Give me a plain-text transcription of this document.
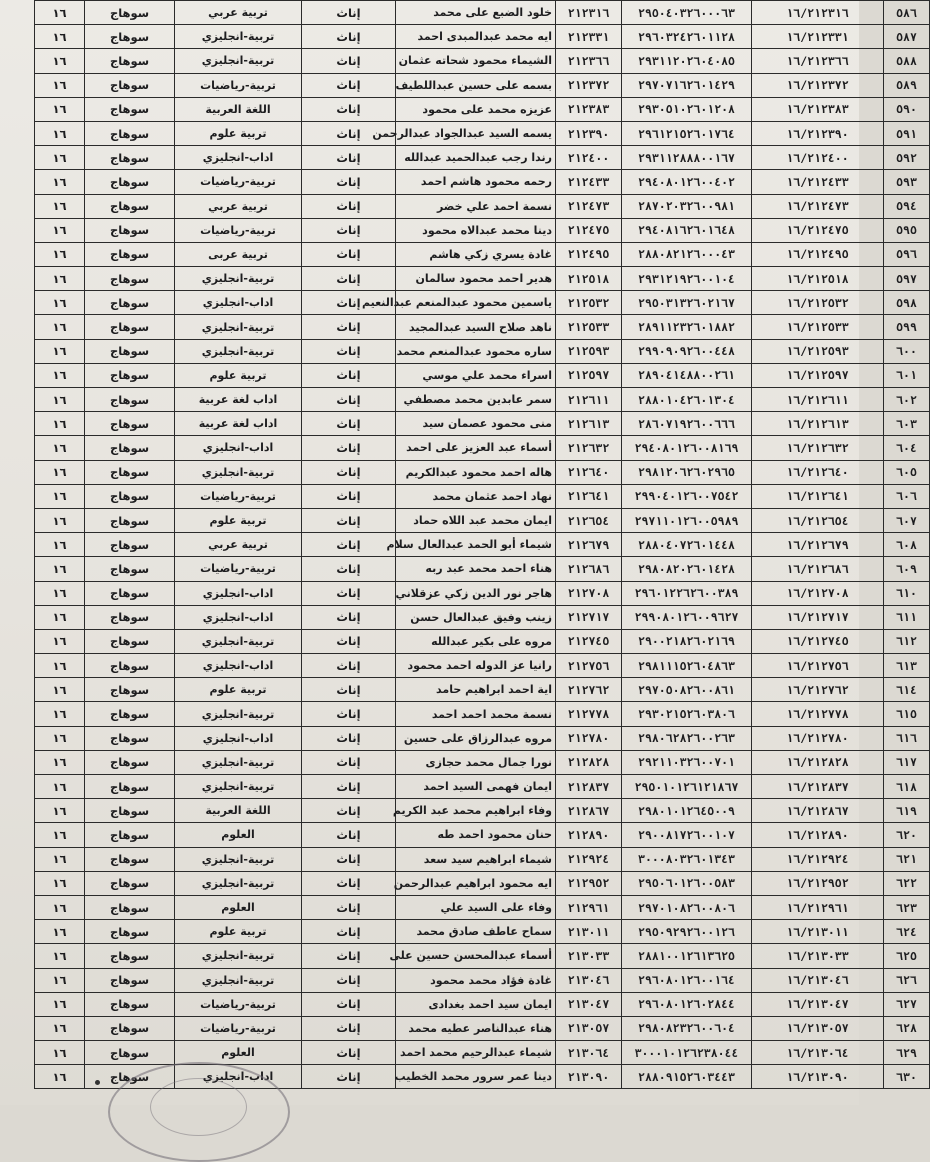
١٦	سوهاج	تربية عربي	إناث	خلود الضبع على محمد	٢١٢٣١٦	٢٩٥٠٤٠٣٢٦٠٠٠٦٣	١٦/٢١٢٣١٦	٥٨٦
١٦	سوهاج	تربية-انجليزي	إناث	ايه محمد عبدالمبدى احمد	٢١٢٣٣١	٢٩٦٠٣٢٤٢٦٠١١٢٨	١٦/٢١٢٣٣١	٥٨٧
١٦	سوهاج	تربية-انجليزي	إناث	الشيماء محمود شحاته عثمان	٢١٢٣٦٦	٢٩٣١١٢٠٢٦٠٤٠٨٥	١٦/٢١٢٣٦٦	٥٨٨
١٦	سوهاج	تربية-رياضيات	إناث	بسمه على حسين عبداللطيف	٢١٢٣٧٢	٢٩٧٠٧١٦٢٦٠١٤٢٩	١٦/٢١٢٣٧٢	٥٨٩
١٦	سوهاج	اللغة العربية	إناث	عزيزه محمد على محمود	٢١٢٣٨٣	٢٩٣٠٥١٠٢٦٠١٢٠٨	١٦/٢١٢٣٨٣	٥٩٠
١٦	سوهاج	تربية علوم	إناث	يسمه السيد عبدالجواد عبدالرحمن	٢١٢٣٩٠	٢٩٦١٢١٥٢٦٠١٧٦٤	١٦/٢١٢٣٩٠	٥٩١
١٦	سوهاج	اداب-انجليزي	إناث	رندا رجب عبدالحميد عبدالله	٢١٢٤٠٠	٢٩٣١١٢٨٨٨٠٠١٦٧	١٦/٢١٢٤٠٠	٥٩٢
١٦	سوهاج	تربية-رياضيات	إناث	رحمه محمود هاشم احمد	٢١٢٤٣٣	٢٩٤٠٨٠١٢٦٠٠٤٠٢	١٦/٢١٢٤٣٣	٥٩٣
١٦	سوهاج	تربية عربي	إناث	نسمة احمد علي خضر	٢١٢٤٧٣	٢٨٧٠٢٠٣٢٦٠٠٩٨١	١٦/٢١٢٤٧٣	٥٩٤
١٦	سوهاج	تربية-رياضيات	إناث	دينا محمد عبدالاه محمود	٢١٢٤٧٥	٢٩٤٠٨١٦٢٦٠١٦٤٨	١٦/٢١٢٤٧٥	٥٩٥
١٦	سوهاج	تربية عربى	إناث	غادة يسري زكي هاشم	٢١٢٤٩٥	٢٨٨٠٨٢١٢٦٠٠٠٤٣	١٦/٢١٢٤٩٥	٥٩٦
١٦	سوهاج	تربية-انجليزي	إناث	هدير احمد محمود سالمان	٢١٢٥١٨	٢٩٣١٢١٩٢٦٠٠١٠٤	١٦/٢١٢٥١٨	٥٩٧
١٦	سوهاج	اداب-انجليزي	إناث	ياسمين محمود عبدالمنعم عبدالنعيم	٢١٢٥٣٢	٢٩٥٠٣١٣٢٦٠٢١٦٧	١٦/٢١٢٥٣٢	٥٩٨
١٦	سوهاج	تربية-انجليزي	إناث	ناهد صلاح السيد عبدالمجيد	٢١٢٥٣٣	٢٨٩١١٢٣٢٦٠١٨٨٢	١٦/٢١٢٥٣٣	٥٩٩
١٦	سوهاج	تربية-انجليزي	إناث	ساره محمود عبدالمنعم محمد	٢١٢٥٩٣	٢٩٩٠٩٠٩٢٦٠٠٤٤٨	١٦/٢١٢٥٩٣	٦٠٠
١٦	سوهاج	تربية علوم	إناث	اسراء محمد علي موسي	٢١٢٥٩٧	٢٨٩٠٤١٤٨٨٠٠٢٦١	١٦/٢١٢٥٩٧	٦٠١
١٦	سوهاج	اداب لغة عربية	إناث	سمر عابدين محمد مصطفي	٢١٢٦١١	٢٨٨٠١٠٤٢٦٠١٣٠٤	١٦/٢١٢٦١١	٦٠٢
١٦	سوهاج	اداب لغة عربية	إناث	منى محمود عصمان سيد	٢١٢٦١٣	٢٨٦٠٧١٩٢٦٠٠٦٦٦	١٦/٢١٢٦١٣	٦٠٣
١٦	سوهاج	اداب-انجليزي	إناث	أسماء عبد العزيز على احمد	٢١٢٦٣٢	٢٩٤٠٨٠١٢٦٠٠٨١٦٩	١٦/٢١٢٦٣٢	٦٠٤
١٦	سوهاج	تربية-انجليزي	إناث	هاله احمد محمود عبدالكريم	٢١٢٦٤٠	٢٩٨١٢٠٦٢٦٠٢٩٦٥	١٦/٢١٢٦٤٠	٦٠٥
١٦	سوهاج	تربية-رياضيات	إناث	نهاد احمد عثمان محمد	٢١٢٦٤١	٢٩٩٠٤٠١٢٦٠٠٧٥٤٢	١٦/٢١٢٦٤١	٦٠٦
١٦	سوهاج	تربية علوم	إناث	ايمان محمد عبد اللاه حماد	٢١٢٦٥٤	٢٩٧١١٠١٢٦٠٠٥٩٨٩	١٦/٢١٢٦٥٤	٦٠٧
١٦	سوهاج	تربية عربي	إناث	شيماء أبو الحمد عبدالعال سلام	٢١٢٦٧٩	٢٨٨٠٤٠٧٢٦٠١٤٤٨	١٦/٢١٢٦٧٩	٦٠٨
١٦	سوهاج	تربية-رياضيات	إناث	هناء احمد محمد عبد ربه	٢١٢٦٨٦	٢٩٨٠٨٢٠٢٦٠١٤٢٨	١٦/٢١٢٦٨٦	٦٠٩
١٦	سوهاج	اداب-انجليزي	إناث	هاجر نور الدين زكي عزقلاني	٢١٢٧٠٨	٢٩٦٠١٢٢٦٢٦٠٠٣٨٩	١٦/٢١٢٧٠٨	٦١٠
١٦	سوهاج	اداب-انجليزي	إناث	زينب وفيق عبدالعال حسن	٢١٢٧١٧	٢٩٩٠٨٠١٢٦٠٠٩٦٢٧	١٦/٢١٢٧١٧	٦١١
١٦	سوهاج	تربية-انجليزي	إناث	مروه على بكير عبدالله	٢١٢٧٤٥	٢٩٠٠٢١٨٢٦٠٢١٦٩	١٦/٢١٢٧٤٥	٦١٢
١٦	سوهاج	اداب-انجليزي	إناث	رانيا عز الدوله احمد محمود	٢١٢٧٥٦	٢٩٨١١١٥٢٦٠٤٨٦٣	١٦/٢١٢٧٥٦	٦١٣
١٦	سوهاج	تربية علوم	إناث	اية احمد ابراهيم حامد	٢١٢٧٦٢	٢٩٧٠٥٠٨٢٦٠٠٨٦١	١٦/٢١٢٧٦٢	٦١٤
١٦	سوهاج	تربية-انجليزي	إناث	نسمة محمد احمد احمد	٢١٢٧٧٨	٢٩٣٠٢١٥٢٦٠٣٨٠٦	١٦/٢١٢٧٧٨	٦١٥
١٦	سوهاج	اداب-انجليزي	إناث	مروه عبدالرزاق على حسين	٢١٢٧٨٠	٢٩٨٠٦٢٨٢٦٠٠٢٦٣	١٦/٢١٢٧٨٠	٦١٦
١٦	سوهاج	تربية-انجليزي	إناث	نورا جمال محمد حجازى	٢١٢٨٢٨	٢٩٢١١٠٣٢٦٠٠٧٠١	١٦/٢١٢٨٢٨	٦١٧
١٦	سوهاج	تربية-انجليزي	إناث	ايمان فهمى السيد احمد	٢١٢٨٣٧	٢٩٥٠١٠١٢٦١٢١٨٦٧	١٦/٢١٢٨٣٧	٦١٨
١٦	سوهاج	اللغة العربية	إناث	وفاء ابراهيم محمد عبد الكريم	٢١٢٨٦٧	٢٩٨٠١٠١٢٦٤٥٠٠٩	١٦/٢١٢٨٦٧	٦١٩
١٦	سوهاج	العلوم	إناث	حنان محمود احمد طه	٢١٢٨٩٠	٢٩٠٠٨١٧٢٦٠٠١٠٧	١٦/٢١٢٨٩٠	٦٢٠
١٦	سوهاج	تربية-انجليزي	إناث	شيماء ابراهيم سيد سعد	٢١٢٩٢٤	٣٠٠٠٨٠٣٢٦٠١٣٤٣	١٦/٢١٢٩٢٤	٦٢١
١٦	سوهاج	تربية-انجليزي	إناث	ايه محمود ابراهيم عبدالرحمن	٢١٢٩٥٢	٢٩٥٠٦٠١٢٦٠٠٥٨٣	١٦/٢١٢٩٥٢	٦٢٢
١٦	سوهاج	العلوم	إناث	وفاء على السيد علي	٢١٢٩٦١	٢٩٧٠١٠٨٢٦٠٠٨٠٦	١٦/٢١٢٩٦١	٦٢٣
١٦	سوهاج	تربية علوم	إناث	سماح عاطف صادق محمد	٢١٣٠١١	٢٩٥٠٩٢٩٢٦٠٠١٢٦	١٦/٢١٣٠١١	٦٢٤
١٦	سوهاج	تربية-انجليزي	إناث	أسماء عبدالمحسن حسين على	٢١٣٠٣٣	٢٨٨١٠٠١٢٦١٣٦٢٥	١٦/٢١٣٠٣٣	٦٢٥
١٦	سوهاج	تربية-انجليزي	إناث	غادة فؤاد محمد محمود	٢١٣٠٤٦	٢٩٦٠٨٠١٢٦٠٠١٦٤	١٦/٢١٣٠٤٦	٦٢٦
١٦	سوهاج	تربية-رياضيات	إناث	ايمان سيد احمد بغدادى	٢١٣٠٤٧	٢٩٦٠٨٠١٢٦٠٢٨٤٤	١٦/٢١٣٠٤٧	٦٢٧
١٦	سوهاج	تربية-رياضيات	إناث	هناء عبدالناصر عطيه محمد	٢١٣٠٥٧	٢٩٨٠٨٢٣٢٦٠٠٦٠٤	١٦/٢١٣٠٥٧	٦٢٨
١٦	سوهاج	العلوم	إناث	شيماء عبدالرحيم محمد احمد	٢١٣٠٦٤	٣٠٠٠١٠١٢٦٢٣٨٠٤٤	١٦/٢١٣٠٦٤	٦٢٩
١٦	سوهاج	اداب-انجليزي	إناث	دينا عمر سرور محمد الخطيب	٢١٣٠٩٠	٢٨٨٠٩١٥٢٦٠٣٤٤٣	١٦/٢١٣٠٩٠	٦٣٠
